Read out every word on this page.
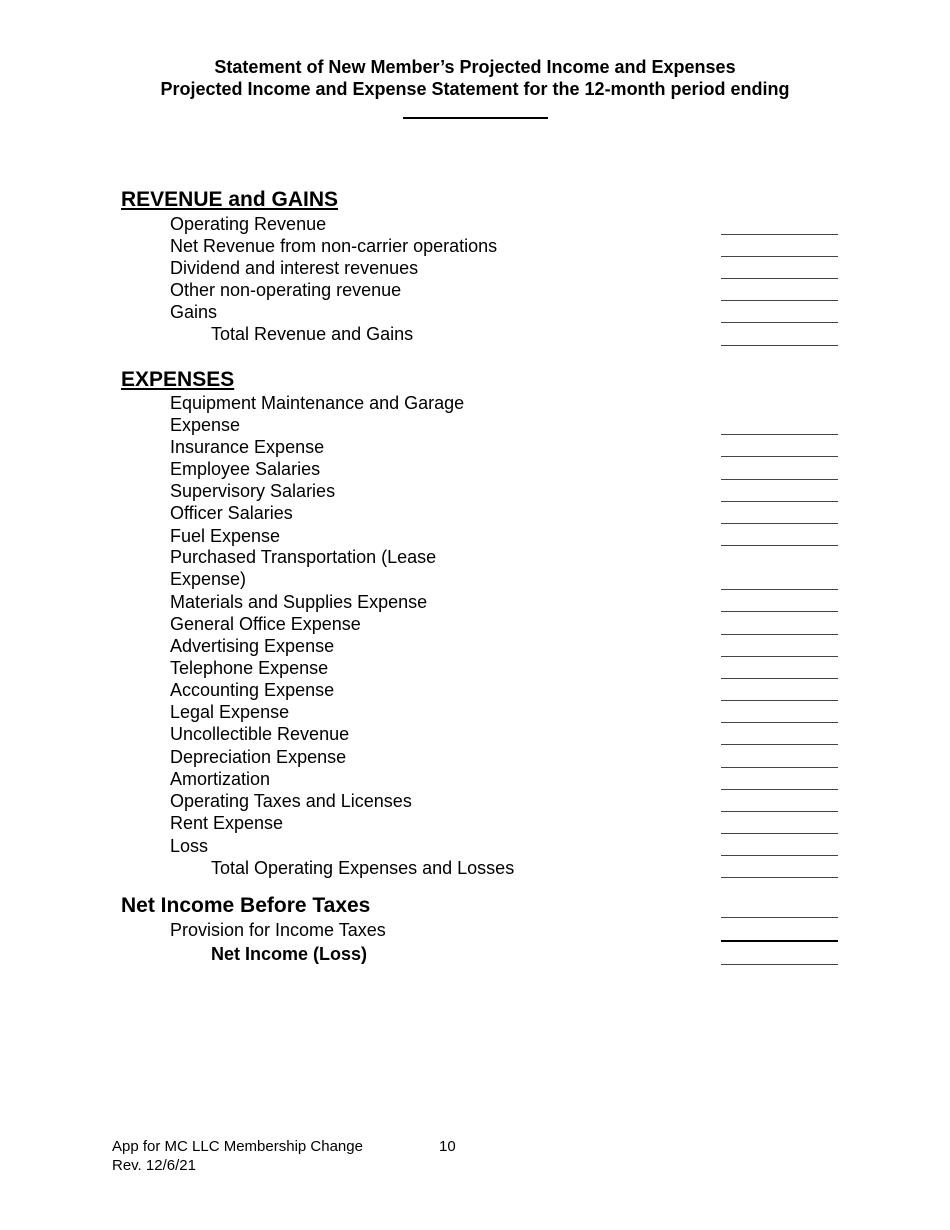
Statement of New Member’s Projected Income and Expenses
Projected Income and Expense Statement for the 12-month period ending
REVENUE and GAINS
Operating Revenue
Net Revenue from non-carrier operations
Dividend and interest revenues
Other non-operating revenue
Gains
Total Revenue and Gains
EXPENSES
Equipment Maintenance and Garage Expense
Insurance Expense
Employee Salaries
Supervisory Salaries
Officer Salaries
Fuel Expense
Purchased Transportation (Lease Expense)
Materials and Supplies Expense
General Office Expense
Advertising Expense
Telephone Expense
Accounting Expense
Legal Expense
Uncollectible Revenue
Depreciation Expense
Amortization
Operating Taxes and Licenses
Rent Expense
Loss
Total Operating Expenses and Losses
Net Income Before Taxes
Provision for Income Taxes
Net Income (Loss)
App for MC LLC Membership Change	10
Rev. 12/6/21
